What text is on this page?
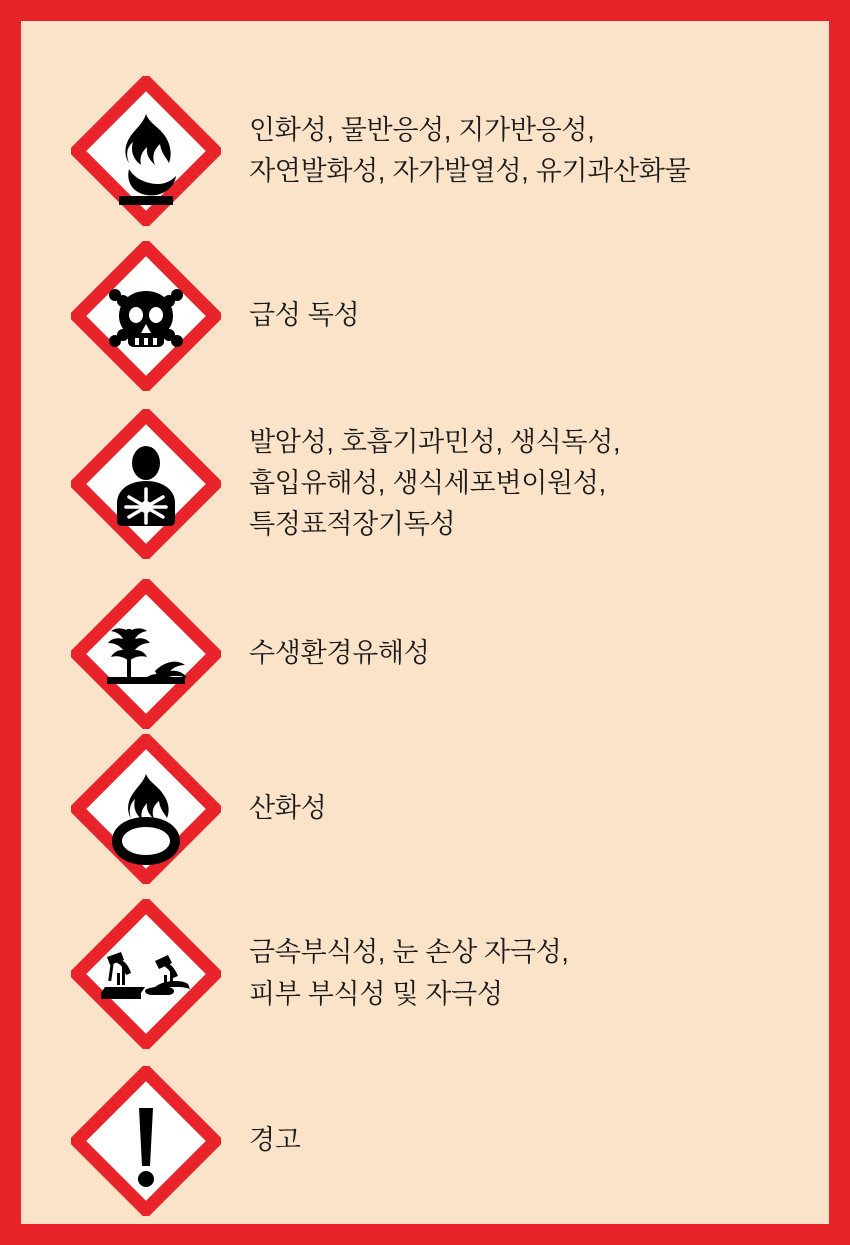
인화성, 물반응성, 지가반응성,
자연발화성, 자가발열성, 유기과산화물
급성 독성
발암성, 호흡기과민성, 생식독성,
흡입유해성, 생식세포변이원성,
특정표적장기독성
수생환경유해성
산화성
금속부식성, 눈 손상 자극성,
피부 부식성 및 자극성
경고
